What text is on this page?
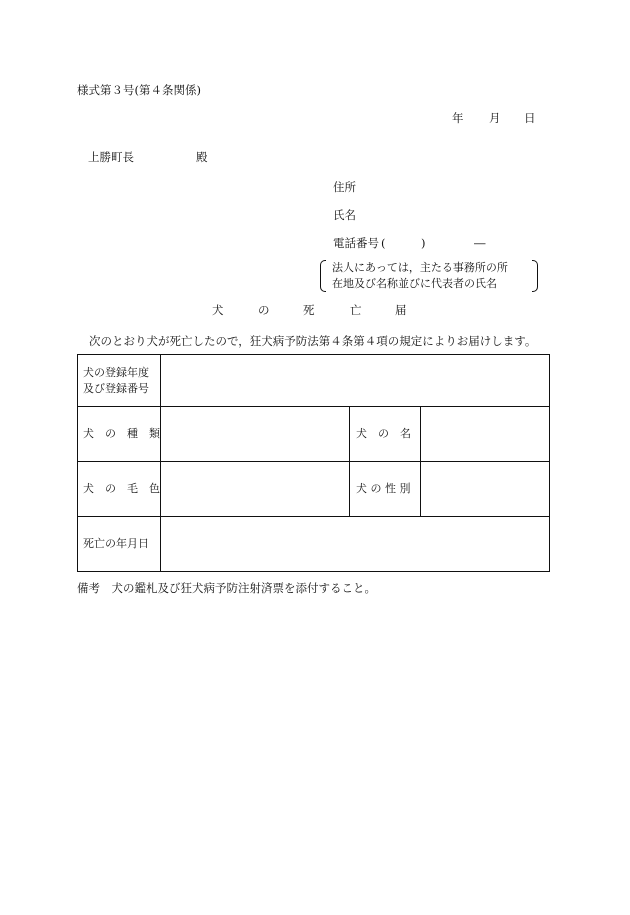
様式第３号(第４条関係)
年 月 日
上勝町長	殿
住所
氏名
電話番号 (	)	―
法人にあっては，主たる事務所の所
在地及び名称並びに代表者の氏名
犬	の	死	亡	届
次のとおり犬が死亡したので，狂犬病予防法第４条第４項の規定によりお届けします。
犬の登録年度
及び登録番号
犬　の　種　類	犬　の　名
犬　の　毛　色	犬 の 性 別
死亡の年月日
備考　犬の鑑札及び狂犬病予防注射済票を添付すること。
